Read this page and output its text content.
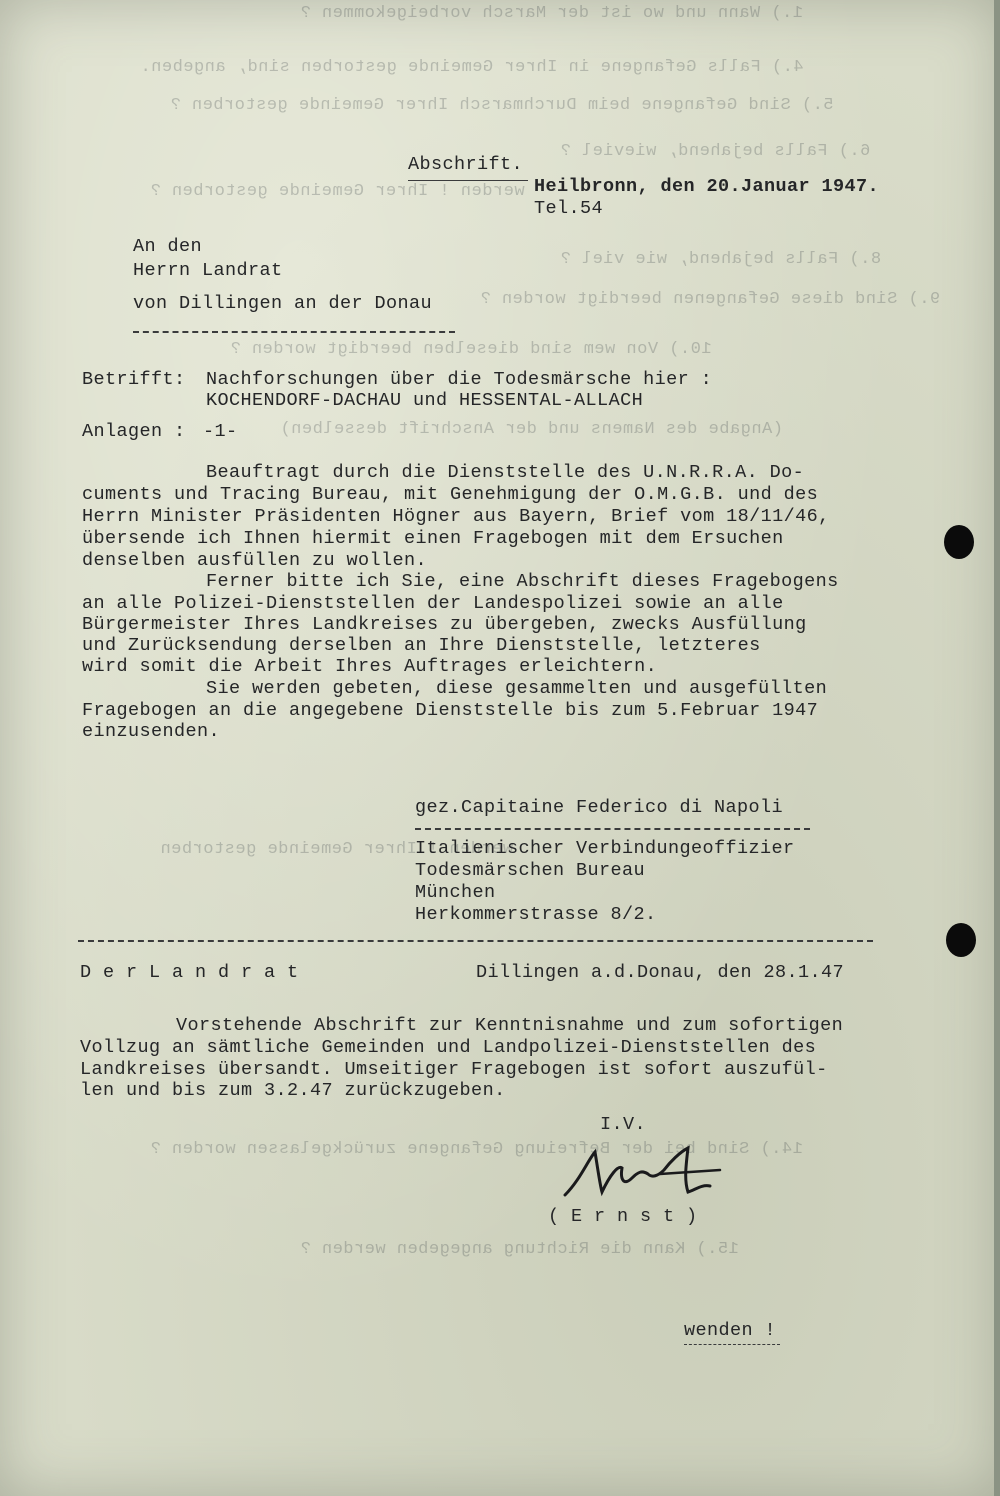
1.) Wann und wo ist der Marsch vorbeigekommen ?
4.) Falls Gefangene in Ihrer Gemeinde gestorben sind, angeben.
5.) Sind Gefangene beim Durchmarsch Ihrer Gemeinde gestorben ?
6.) Falls bejahend, wieviel ?
werden ! Ihrer Gemeinde gestorben ?
8.) Falls bejahend, wie viel ?
9.) Sind diese Gefangenen beerdigt worden ?
10.) Von wem sind dieselben beerdigt worden ?
(Angabe des Namens und der Anschrift desselben)
werden ! Ihrer Gemeinde gestorben
14.) Sind bei der Befreiung Gefangene zurückgelassen worden ?
15.) Kann die Richtung angegeben werden ?
Abschrift.
Heilbronn, den 20.Januar 1947.
Tel.54
An den
Herrn Landrat
von Dillingen an der Donau
Betrifft: Nachforschungen über die Todesmärsche hier :
KOCHENDORF-DACHAU und HESSENTAL-ALLACH
Anlagen : -1-
Beauftragt durch die Dienststelle des U.N.R.R.A. Do-
cuments und Tracing Bureau, mit Genehmigung der O.M.G.B. und des
Herrn Minister Präsidenten Högner aus Bayern, Brief vom 18/11/46,
übersende ich Ihnen hiermit einen Fragebogen mit dem Ersuchen
denselben ausfüllen zu wollen.
Ferner bitte ich Sie, eine Abschrift dieses Fragebogens
an alle Polizei-Dienststellen der Landespolizei sowie an alle
Bürgermeister Ihres Landkreises zu übergeben, zwecks Ausfüllung
und Zurücksendung derselben an Ihre Dienststelle, letzteres
wird somit die Arbeit Ihres Auftrages erleichtern.
Sie werden gebeten, diese gesammelten und ausgefüllten
Fragebogen an die angegebene Dienststelle bis zum 5.Februar 1947
einzusenden.
gez.Capitaine Federico di Napoli
Italienischer Verbindungeoffizier
Todesmärschen Bureau
München
Herkommerstrasse 8/2.
D e r L a n d r a t	Dillingen a.d.Donau, den 28.1.47
Vorstehende Abschrift zur Kenntnisnahme und zum sofortigen
Vollzug an sämtliche Gemeinden und Landpolizei-Dienststellen des
Landkreises übersandt. Umseitiger Fragebogen ist sofort auszufül-
len und bis zum 3.2.47 zurückzugeben.
I.V.
( E r n s t )
wenden !
